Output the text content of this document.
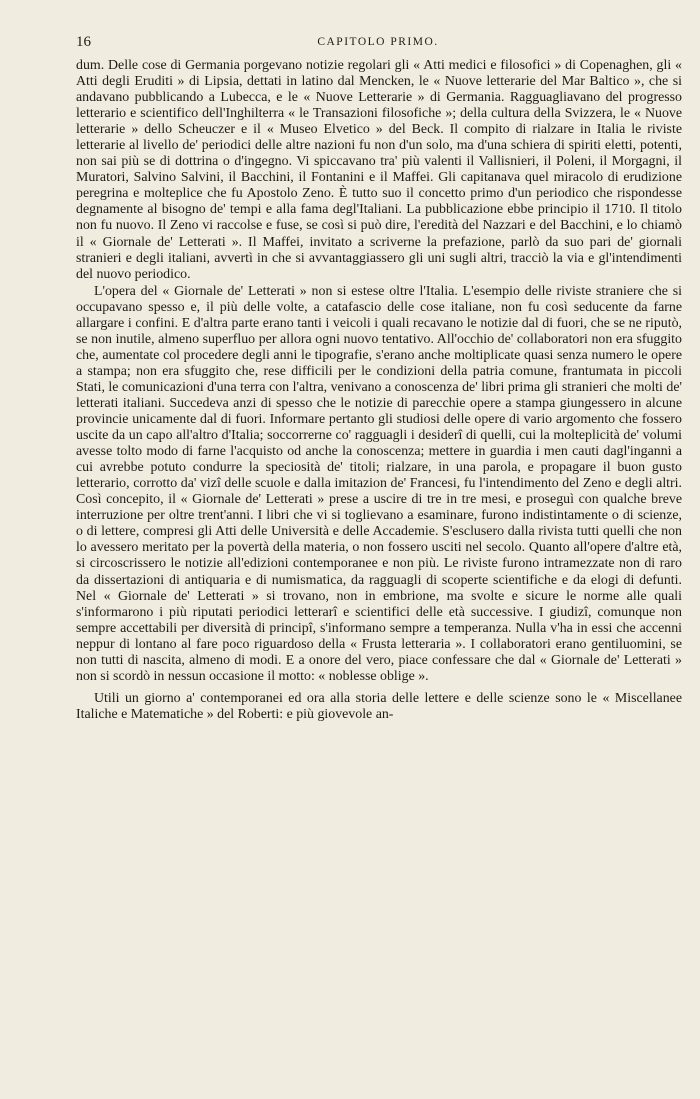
16	CAPITOLO PRIMO.

dum. Delle cose di Germania porgevano notizie regolari gli « Atti medici e filosofici » di Copenaghen, gli « Atti degli Eruditi » di Lipsia, dettati in latino dal Mencken, le « Nuove letterarie del Mar Baltico », che si andavano pubblicando a Lubecca, e le « Nuove Letterarie » di Germania. Ragguagliavano del progresso letterario e scientifico dell'Inghilterra « le Transazioni filosofiche »; della cultura della Svizzera, le « Nuove letterarie » dello Scheuczer e il « Museo Elvetico » del Beck. Il compito di rialzare in Italia le riviste letterarie al livello de' periodici delle altre nazioni fu non d'un solo, ma d'una schiera di spiriti eletti, potenti, non sai più se di dottrina o d'ingegno. Vi spiccavano tra' più valenti il Vallisnieri, il Poleni, il Morgagni, il Muratori, Salvino Salvini, il Bacchini, il Fontanini e il Maffei. Gli capitanava quel miracolo di erudizione peregrina e molteplice che fu Apostolo Zeno. È tutto suo il concetto primo d'un periodico che rispondesse degnamente al bisogno de' tempi e alla fama degl'Italiani. La pubblicazione ebbe principio il 1710. Il titolo non fu nuovo. Il Zeno vi raccolse e fuse, se così si può dire, l'eredità del Nazzari e del Bacchini, e lo chiamò il « Giornale de' Letterati ». Il Maffei, invitato a scriverne la prefazione, parlò da suo pari de' giornali stranieri e degli italiani, avvertì in che si avvantaggiassero gli uni sugli altri, tracciò la via e gl'intendimenti del nuovo periodico.

L'opera del « Giornale de' Letterati » non si estese oltre l'Italia. L'esempio delle riviste straniere che si occupavano spesso e, il più delle volte, a catafascio delle cose italiane, non fu così seducente da farne allargare i confini. E d'altra parte erano tanti i veicoli i quali recavano le notizie dal di fuori, che se ne riputò, se non inutile, almeno superfluo per allora ogni nuovo tentativo. All'occhio de' collaboratori non era sfuggito che, aumentate col procedere degli anni le tipografie, s'erano anche moltiplicate quasi senza numero le opere a stampa; non era sfuggito che, rese difficili per le condizioni della patria comune, frantumata in piccoli Stati, le comunicazioni d'una terra con l'altra, venivano a conoscenza de' libri prima gli stranieri che molti de' letterati italiani. Succedeva anzi di spesso che le notizie di parecchie opere a stampa giungessero in alcune provincie unicamente dal di fuori. Informare pertanto gli studiosi delle opere di vario argomento che fossero uscite da un capo all'altro d'Italia; soccorrerne co' ragguagli i desiderî di quelli, cui la molteplicità de' volumi avesse tolto modo di farne l'acquisto od anche la conoscenza; mettere in guardia i men cauti dagl'inganni a cui avrebbe potuto condurre la speciosità de' titoli; rialzare, in una parola, e propagare il buon gusto letterario, corrotto da' vizî delle scuole e dalla imitazion de' Francesi, fu l'intendimento del Zeno e degli altri. Così concepito, il « Giornale de' Letterati » prese a uscire di tre in tre mesi, e proseguì con qualche breve interruzione per oltre trent'anni. I libri che vi si toglievano a esaminare, furono indistintamente o di scienze, o di lettere, compresi gli Atti delle Università e delle Accademie. S'esclusero dalla rivista tutti quelli che non lo avessero meritato per la povertà della materia, o non fossero usciti nel secolo. Quanto all'opere d'altre età, si circoscrissero le notizie all'edizioni contemporanee e non più. Le riviste furono intramezzate non di raro da dissertazioni di antiquaria e di numismatica, da ragguagli di scoperte scientifiche e da elogi di defunti. Nel « Giornale de' Letterati » si trovano, non in embrione, ma svolte e sicure le norme alle quali s'informarono i più riputati periodici letterarî e scientifici delle età successive. I giudizî, comunque non sempre accettabili per diversità di principî, s'informano sempre a temperanza. Nulla v'ha in essi che accenni neppur di lontano al fare poco riguardoso della « Frusta letteraria ». I collaboratori erano gentiluomini, se non tutti di nascita, almeno di modi. E a onore del vero, piace confessare che dal « Giornale de' Letterati » non si scordò in nessun occasione il motto: « noblesse oblige ».

Utili un giorno a' contemporanei ed ora alla storia delle lettere e delle scienze sono le « Miscellanee Italiche e Matematiche » del Roberti: e più giovevole an-
